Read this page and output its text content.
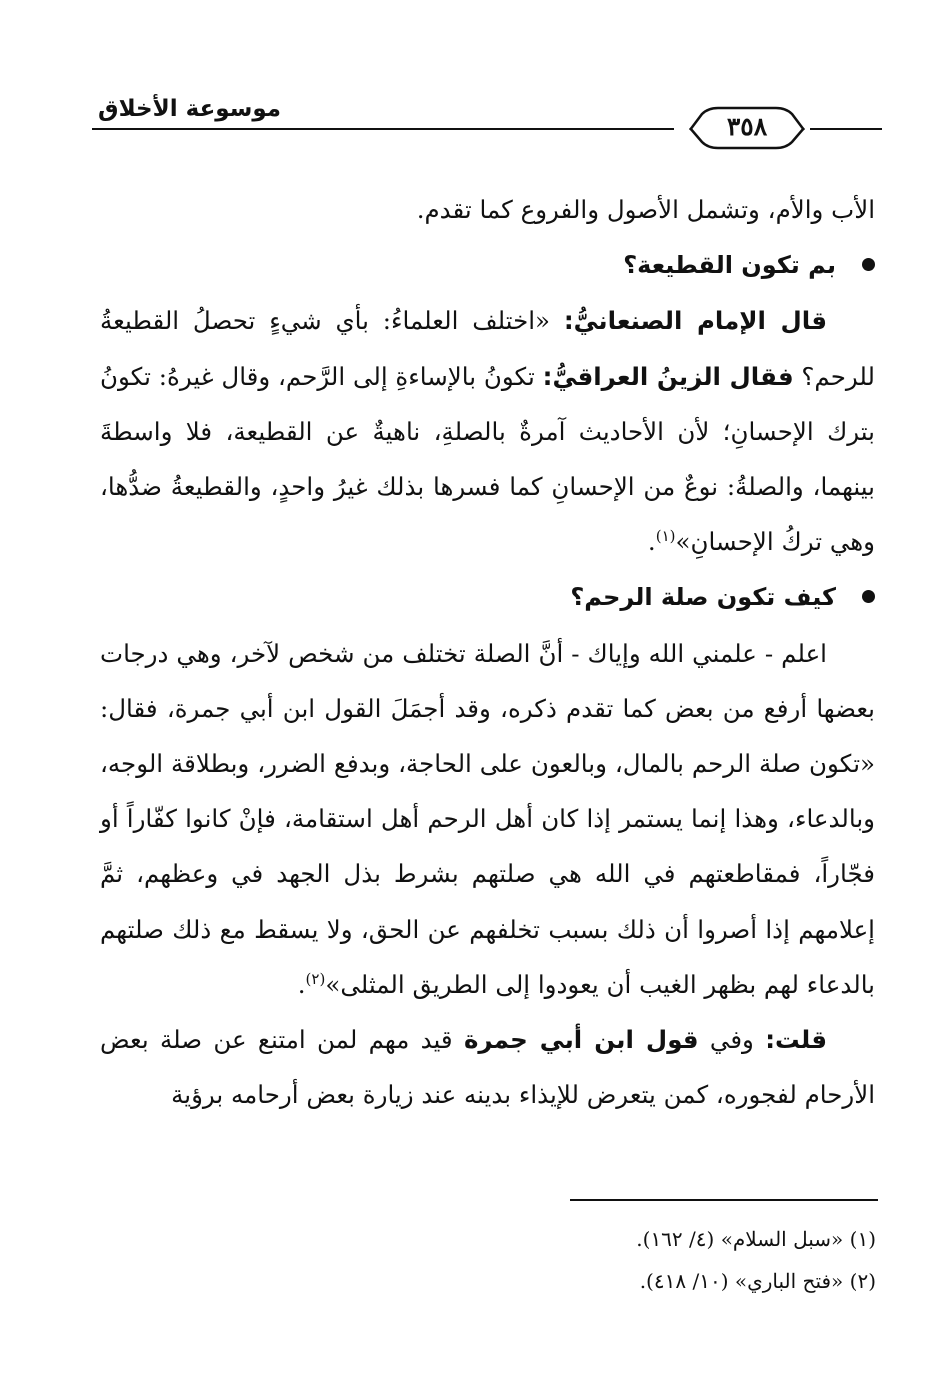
٣٥٨
موسوعة الأخلاق

الأب والأم، وتشمل الأصول والفروع كما تقدم.

بم تكون القطيعة؟

قال الإمام الصنعانيُّ: «اختلف العلماءُ: بأي شيءٍ تحصلُ القطيعةُ للرحم؟ فقال الزينُ العراقيُّ: تكونُ بالإساءةِ إلى الرَّحم، وقال غيرهُ: تكونُ بترك الإحسانِ؛ لأن الأحاديث آمرةٌ بالصلةِ، ناهيةٌ عن القطيعة، فلا واسطةَ بينهما، والصلةُ: نوعٌ من الإحسانِ كما فسرها بذلك غيرُ واحدٍ، والقطيعةُ ضدُّها، وهي تركُ الإحسانِ»$^{(١)}$.

كيف تكون صلة الرحم؟

اعلم - علمني الله وإياك - أنَّ الصلة تختلف من شخص لآخر، وهي درجات بعضها أرفع من بعض كما تقدم ذكره، وقد أجمَلَ القول ابن أبي جمرة، فقال: «تكون صلة الرحم بالمال، وبالعون على الحاجة، وبدفع الضرر، وبطلاقة الوجه، وبالدعاء، وهذا إنما يستمر إذا كان أهل الرحم أهل استقامة، فإنْ كانوا كفّاراً أو فجّاراً، فمقاطعتهم في الله هي صلتهم بشرط بذل الجهد في وعظهم، ثمَّ إعلامهم إذا أصروا أن ذلك بسبب تخلفهم عن الحق، ولا يسقط مع ذلك صلتهم بالدعاء لهم بظهر الغيب أن يعودوا إلى الطريق المثلى»$^{(٢)}$.

قلت: وفي قول ابن أبي جمرة قيد مهم لمن امتنع عن صلة بعض الأرحام لفجوره، كمن يتعرض للإيذاء بدينه عند زيارة بعض أرحامه برؤية

(١) «سبل السلام» (٤/ ١٦٢).
(٢) «فتح الباري» (١٠/ ٤١٨).
